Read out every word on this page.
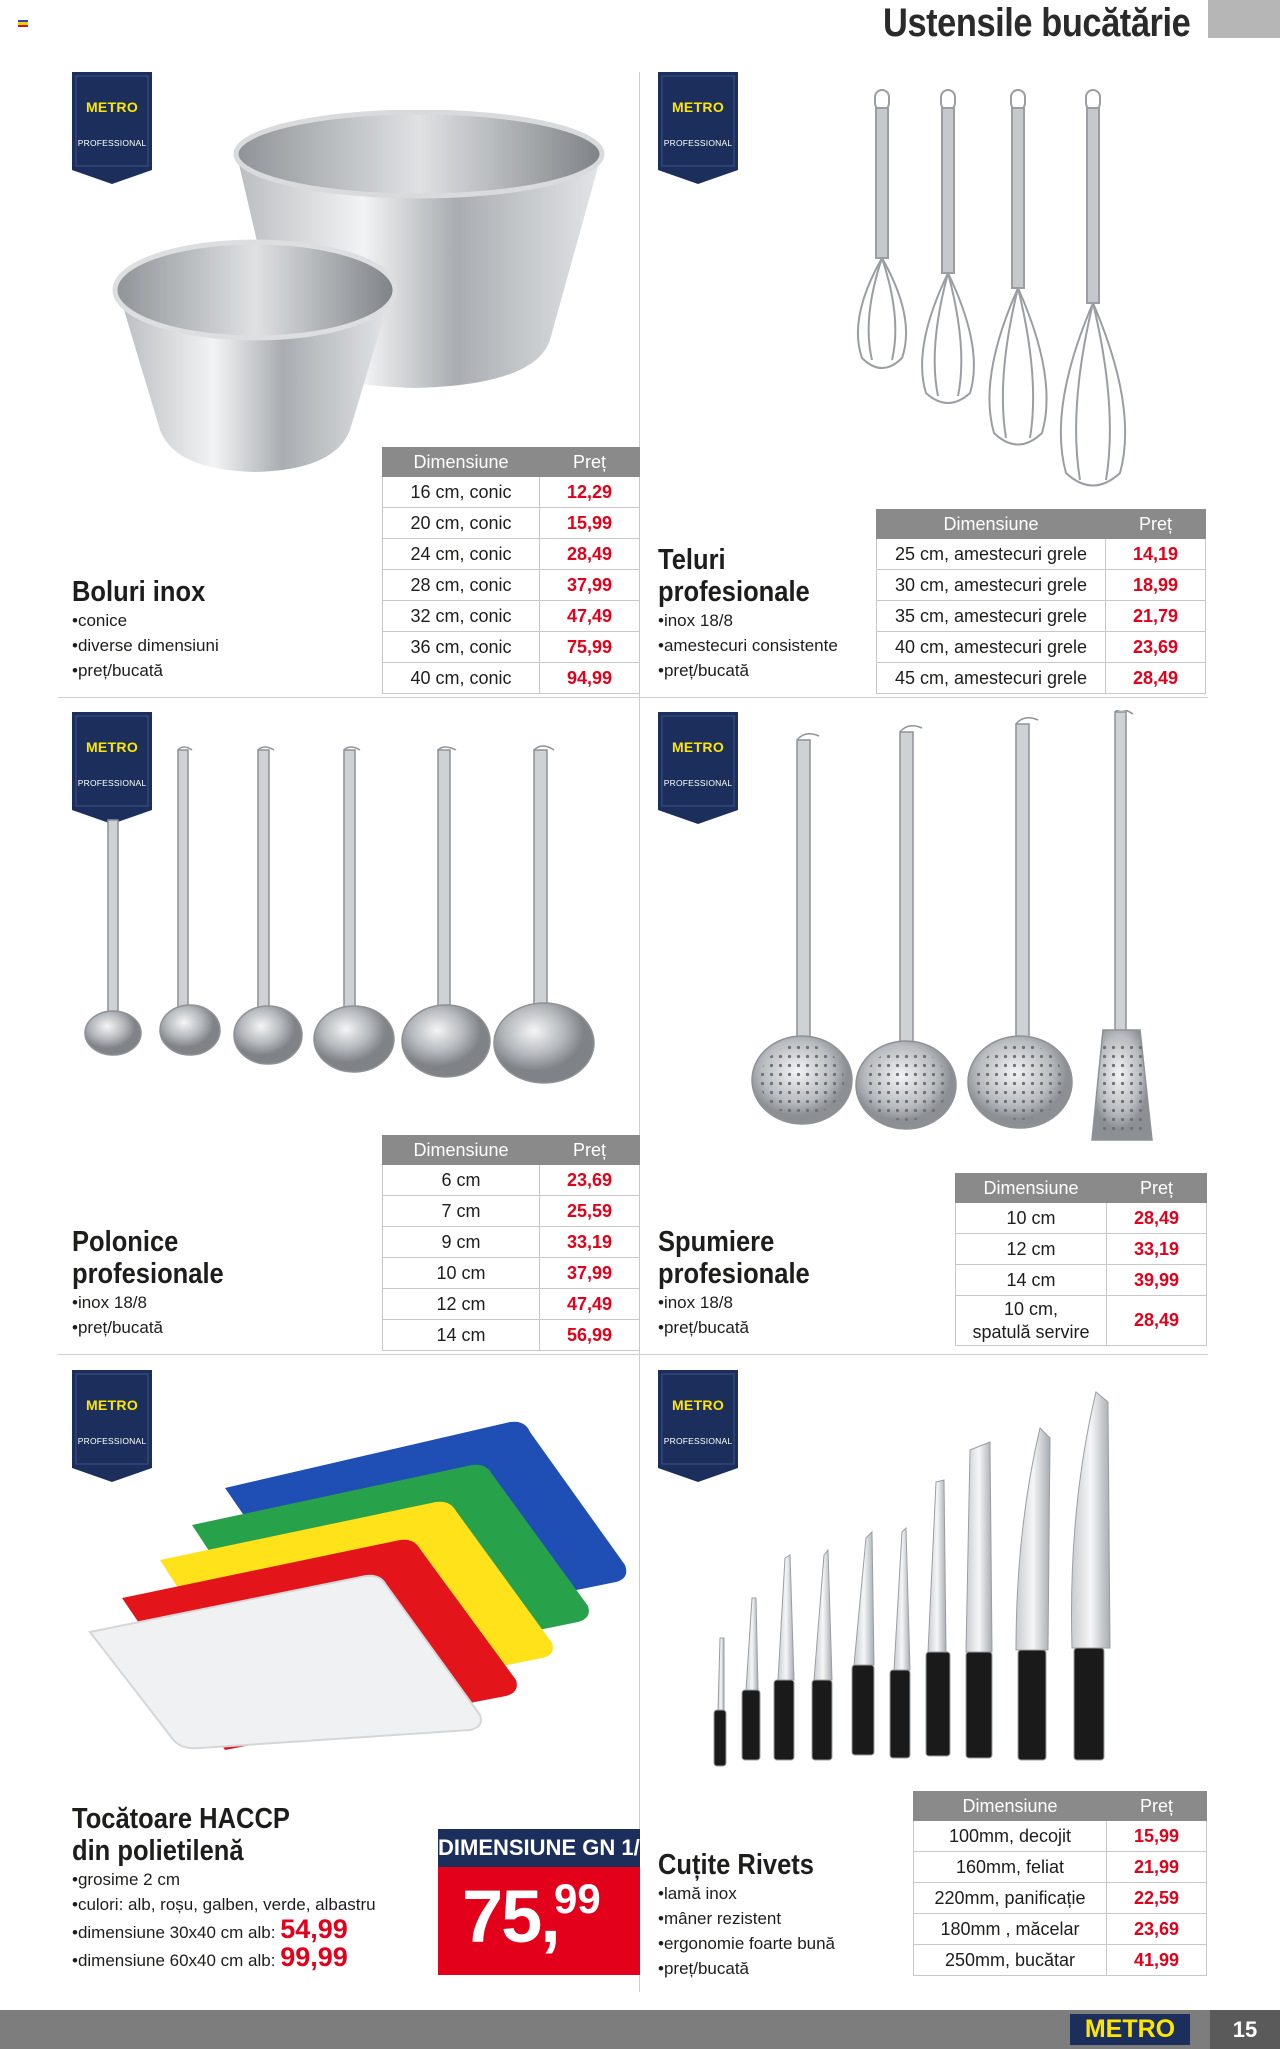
Ustensile bucătărie
METRO
PROFESSIONAL
METRO
PROFESSIONAL
METRO
PROFESSIONAL
METRO
PROFESSIONAL
METRO
PROFESSIONAL
METRO
PROFESSIONAL
Boluri inox
• conice
• diverse dimensiuni
• preț/bucată
Dimensiune	Preț
16 cm, conic	12,29
20 cm, conic	15,99
24 cm, conic	28,49
28 cm, conic	37,99
32 cm, conic	47,49
36 cm, conic	75,99
40 cm, conic	94,99
Teluri
profesionale
• inox 18/8
• amestecuri consistente
• preț/bucată
Dimensiune	Preț
25 cm, amestecuri grele	14,19
30 cm, amestecuri grele	18,99
35 cm, amestecuri grele	21,79
40 cm, amestecuri grele	23,69
45 cm, amestecuri grele	28,49
Polonice
profesionale
• inox 18/8
• preț/bucată
Dimensiune	Preț
6 cm	23,69
7 cm	25,59
9 cm	33,19
10 cm	37,99
12 cm	47,49
14 cm	56,99
Spumiere
profesionale
• inox 18/8
• preț/bucată
Dimensiune	Preț
10 cm	28,49
12 cm	33,19
14 cm	39,99
10 cm,
spatulă servire	28,49
Tocătoare HACCP
din polietilenă
• grosime 2 cm
• culori: alb, roșu, galben, verde, albastru
• dimensiune 30x40 cm alb: 54,99
• dimensiune 60x40 cm alb: 99,99
DIMENSIUNE GN 1/1
75,
99
Cuțite Rivets
• lamă inox
• mâner rezistent
• ergonomie foarte bună
• preț/bucată
Dimensiune	Preț
100mm, decojit	15,99
160mm, feliat	21,99
220mm, panificație	22,59
180mm , măcelar	23,69
250mm, bucătar	41,99
METRO	15
